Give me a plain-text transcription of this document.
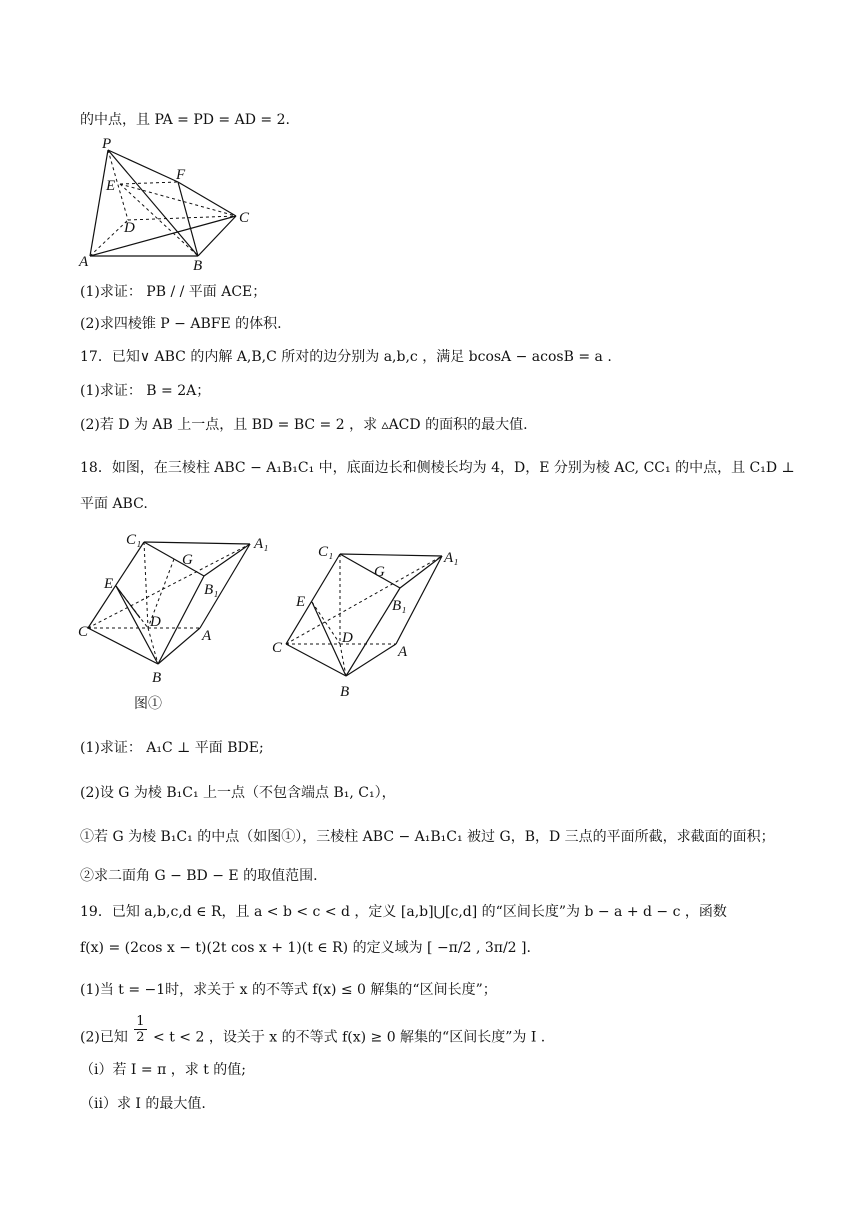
的中点，且 PA = PD = AD = 2.
P
E
F
D
C
A	B
(1)求证： PB / / 平面 ACE；
(2)求四棱锥 P − ABFE 的体积.
17．已知∨ ABC 的内解 A,B,C 所对的边分别为 a,b,c ，满足 bcosA − acosB = a .
(1)求证： B = 2A；
(2)若 D 为 AB 上一点，且 BD = BC = 2 ，求 ▵ACD 的面积的最大值.
18．如图，在三棱柱 ABC − A₁B₁C₁ 中，底面边长和侧棱长均为 4，D，E 分别为棱 AC, CC₁ 的中点，且 C₁D ⊥
平面 ABC.
C₁
G
A₁
E	B₁
D
C	A
B
图①
C₁
G
A₁
E	B₁
D
C	A
B
(1)求证： A₁C ⊥ 平面 BDE;
(2)设 G 为棱 B₁C₁ 上一点（不包含端点 B₁, C₁），
①若 G 为棱 B₁C₁ 的中点（如图①），三棱柱 ABC − A₁B₁C₁ 被过 G，B，D 三点的平面所截，求截面的面积；
②求二面角 G − BD − E 的取值范围.
19．已知 a,b,c,d ∈ R，且 a < b < c < d ，定义 [a,b]⋃[c,d] 的“区间长度”为 b − a + d − c ，函数
f(x) = (2cos x − t)(2t cos x + 1)(t ∈ R) 的定义域为 [ −π/2 , 3π/2 ].
(1)当 t = −1时，求关于 x 的不等式 f(x) ≤ 0 解集的“区间长度”；
(2)已知 $\frac{1}{2} < t < 2$ ，设关于 x 的不等式 f(x) ≥ 0 解集的“区间长度”为 I .
（i）若 I = π ，求 t 的值;
（ii）求 I 的最大值.
